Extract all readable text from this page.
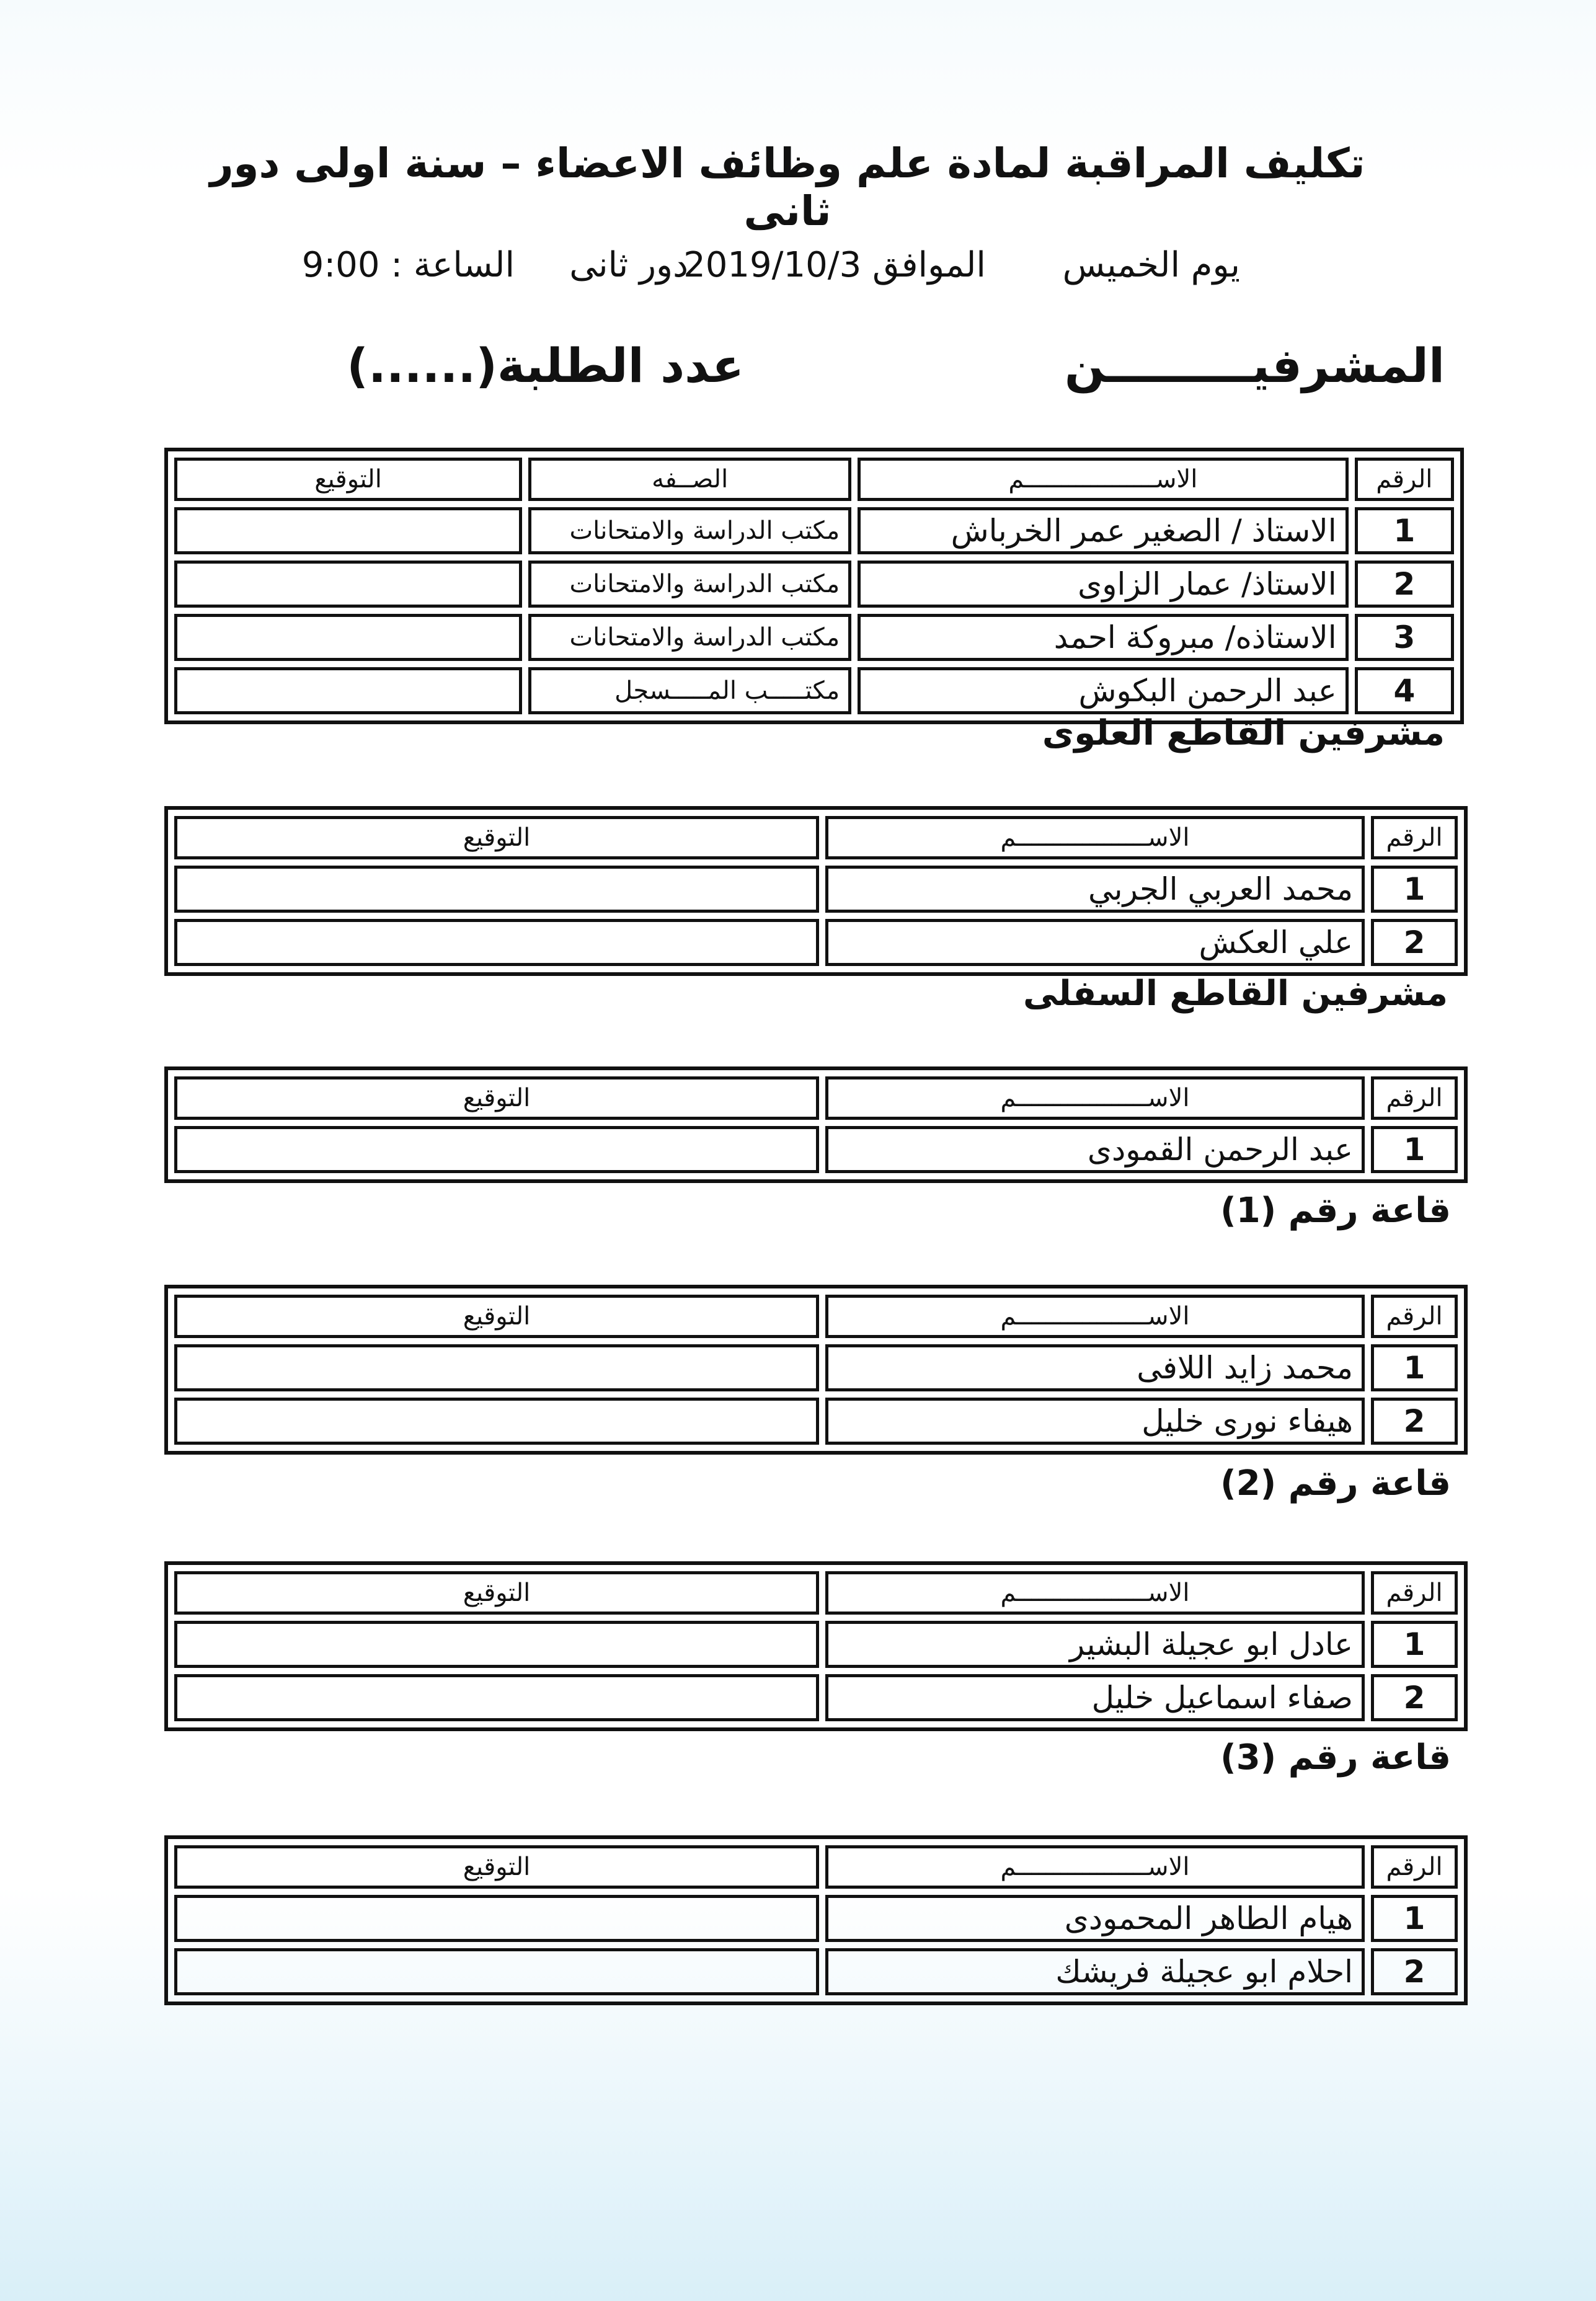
تكليف المراقبة لمادة علم وظائف الاعضاء – سنة اولى دور ثانى
يوم الخميس
الموافق 2019/10/3
دور ثانى
الساعة : 9:00
المشرفيـــــــــن
عدد الطلبة(......)
الرقم	الاســــــــــــــــــم	الصــفه	التوقيع
1	الاستاذ / الصغير عمر الخرباش	مكتب الدراسة والامتحانات	
2	الاستاذ/ عمار الزاوى	مكتب الدراسة والامتحانات	
3	الاستاذه/ مبروكة احمد	مكتب الدراسة والامتحانات	
4	عبد الرحمن البكوش	مكتـــــب المـــــسجل	
مشرفين القاطع العلوى
الرقم	الاســــــــــــــــــم	التوقيع
1	محمد العربي الجربي	
2	علي العكش	
مشرفين القاطع السفلى
الرقم	الاســــــــــــــــــم	التوقيع
1	عبد الرحمن القمودى	
قاعة رقم (1)
الرقم	الاســــــــــــــــــم	التوقيع
1	محمد زايد اللافى	
2	هيفاء نورى خليل	
قاعة رقم (2)
الرقم	الاســــــــــــــــــم	التوقيع
1	عادل ابو عجيلة البشير	
2	صفاء اسماعيل خليل	
قاعة رقم (3)
الرقم	الاســــــــــــــــــم	التوقيع
1	هيام الطاهر المحمودى	
2	احلام ابو عجيلة فريشك	
